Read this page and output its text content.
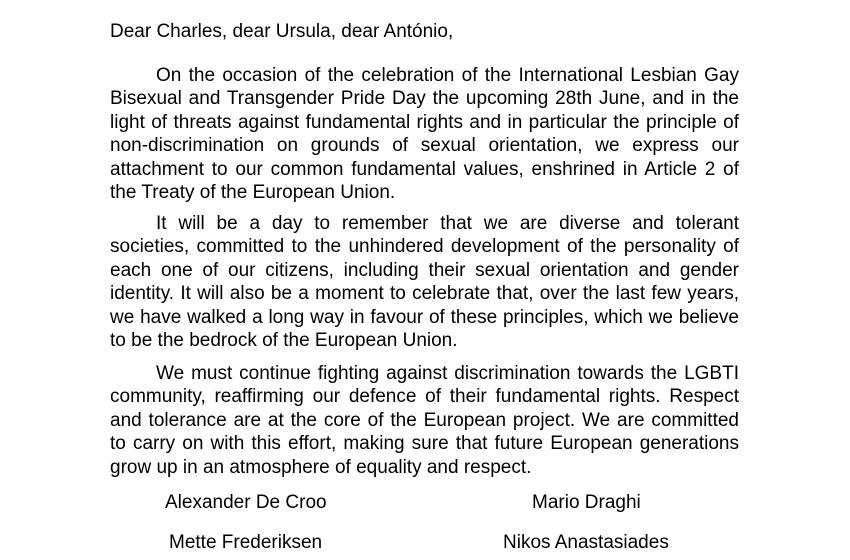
Dear Charles, dear Ursula, dear António,

On the occasion of the celebration of the International Lesbian Gay Bisexual and Transgender Pride Day the upcoming 28th June, and in the light of threats against fundamental rights and in particular the principle of non-discrimination on grounds of sexual orientation, we express our attachment to our common fundamental values, enshrined in Article 2 of the Treaty of the European Union.

It will be a day to remember that we are diverse and tolerant societies, committed to the unhindered development of the personality of each one of our citizens, including their sexual orientation and gender identity. It will also be a moment to celebrate that, over the last few years, we have walked a long way in favour of these principles, which we believe to be the bedrock of the European Union.

We must continue fighting against discrimination towards the LGBTI community, reaffirming our defence of their fundamental rights. Respect and tolerance are at the core of the European project. We are committed to carry on with this effort, making sure that future European generations grow up in an atmosphere of equality and respect.

Alexander De Croo	Mario Draghi
Mette Frederiksen	Nikos Anastasiades
